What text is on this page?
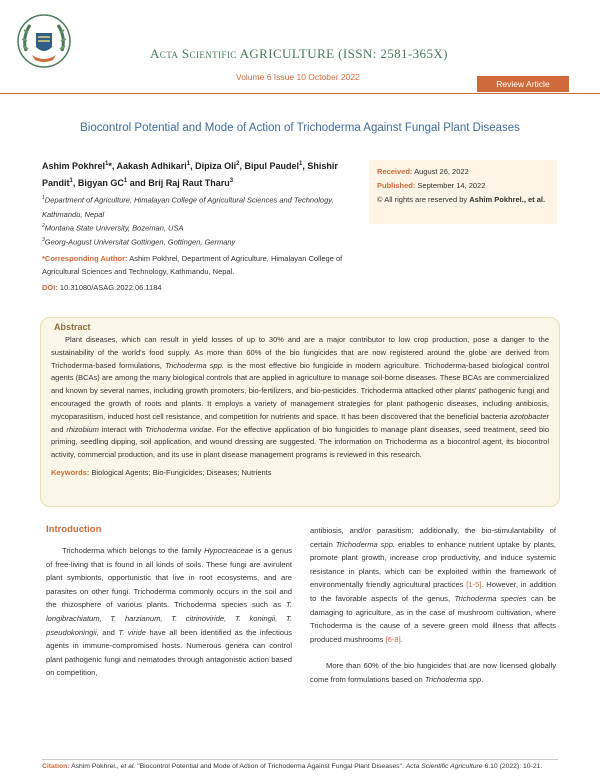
Acta Scientific AGRICULTURE (ISSN: 2581-365X)
Volume 6 Issue 10 October 2022
Review Article
Biocontrol Potential and Mode of Action of Trichoderma Against Fungal Plant Diseases
Ashim Pokhrel$^1$*, Aakash Adhikari$^1$, Dipiza Oli$^2$, Bipul Paudel$^1$, Shishir Pandit$^1$, Bigyan $GC^1$ and Brij Raj Raut Tharu$^3$
$^1$Department of Agriculture, Himalayan College of Agricultural Sciences and Technology, Kathmandu, Nepal
$^2$Montana State University, Bozeman, USA
$^3$Georg-August Universitat Gottingen, Gottingen, Germany
*Corresponding Author: Ashim Pokhrel, Department of Agriculture, Himalayan College of Agricultural Sciences and Technology, Kathmandu, Nepal.
DOI: 10.31080/ASAG.2022.06.1184
Received: August 26, 2022
Published: September 14, 2022
© All rights are reserved by Ashim Pokhrel., et al.
Abstract

Plant diseases, which can result in yield losses of up to 30% and are a major contributor to low crop production, pose a danger to the sustainability of the world's food supply. As more than 60% of the bio fungicides that are now registered around the globe are derived from Trichoderma-based formulations, Trichoderma spp. is the most effective bio fungicide in modern agriculture. Trichoderma-based biological control agents (BCAs) are among the many biological controls that are applied in agriculture to manage soil-borne diseases. These BCAs are commercialized and known by several names, including growth promoters, bio-fertilizers, and bio-pesticides. Trichoderma attacked other plants' pathogenic fungi and encouraged the growth of roots and plants. It employs a variety of management strategies for plant pathogenic diseases, including antibiosis, mycoparasitism, induced host cell resistance, and competition for nutrients and space. It has been discovered that the beneficial bacteria azotobacter and rhizobium interact with Trichoderma viridae. For the effective application of bio fungicides to manage plant diseases, seed treatment, seed bio priming, seedling dipping, soil application, and wound dressing are suggested. The information on Trichoderma as a biocontrol agent, its biocontrol activity, commercial production, and its use in plant disease management programs is reviewed in this research.

Keywords: Biological Agents; Bio-Fungicides; Diseases; Nutrients
Introduction

Trichoderma which belongs to the family Hypocreaceae is a genus of free-living that is found in all kinds of soils. These fungi are avirulent plant symbionts, opportunistic that live in root ecosystems, and are parasites on other fungi. Trichoderma commonly occurs in the soil and the rhizosphere of various plants. Trichoderma species such as T. longibrachiatum, T. harzianum, T. citrinoviride, T. koningii, T. pseudokoningii, and T. viride have all been identified as the infectious agents in immune-compromised hosts. Numerous genera can control plant pathogenic fungi and nematodes through antagonistic action based on competition,

antibiosis, and/or parasitism; additionally, the bio-stimulantability of certain Trichoderma spp. enables to enhance nutrient uptake by plants, promote plant growth, increase crop productivity, and induce systemic resistance in plants, which can be exploited within the framework of environmentally friendly agricultural practices [1-5]. However, in addition to the favorable aspects of the genus, Trichoderma species can be damaging to agriculture, as in the case of mushroom cultivation, where Trichoderma is the cause of a severe green mold illness that affects produced mushrooms [6-8].

More than 60% of the bio fungicides that are now licensed globally come from formulations based on Trichoderma spp.

Citation: Ashim Pokhrel., et al. "Biocontrol Potential and Mode of Action of Trichoderma Against Fungal Plant Diseases". Acta Scientific Agriculture 6.10 (2022): 10-21.
